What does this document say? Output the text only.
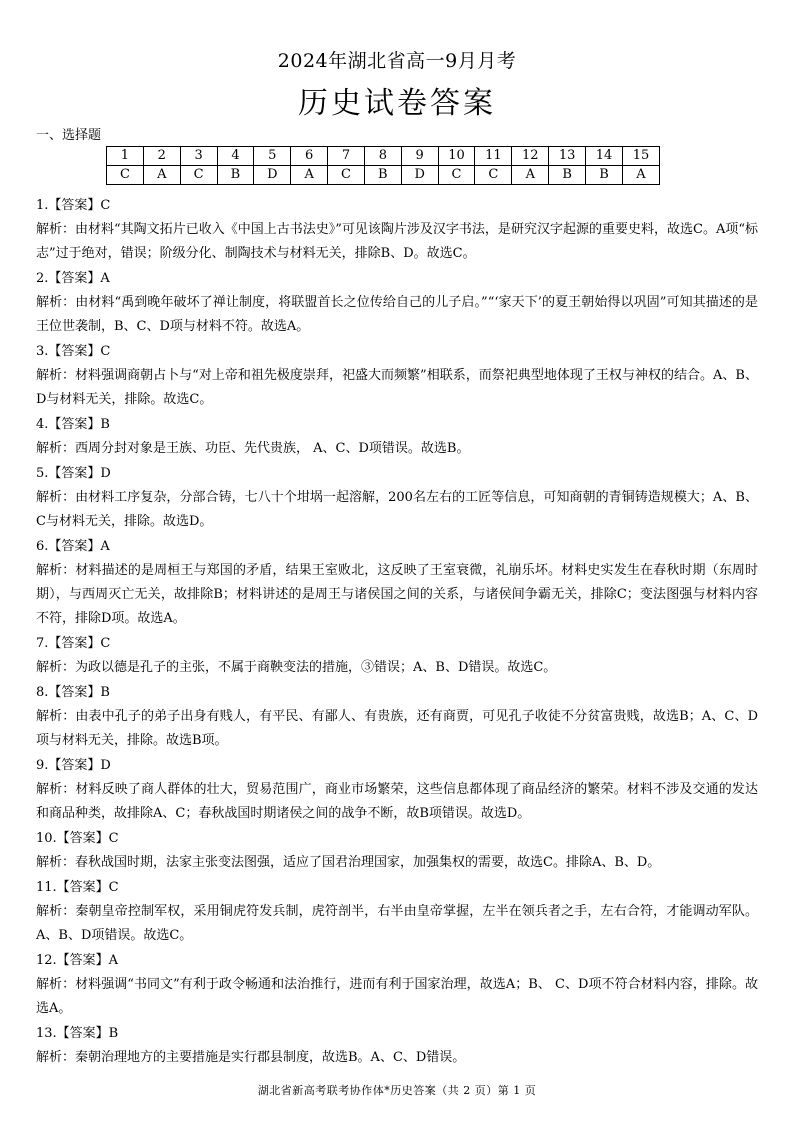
2024年湖北省高一9月月考
历史试卷答案
一、选择题
1	2	3	4	5	6	7	8	9	10	11	12	13	14	15
C	A	C	B	D	A	C	B	D	C	C	A	B	B	A

1.【答案】C

解析：由材料“其陶文拓片已收入《中国上古书法史》”可见该陶片涉及汉字书法，是研究汉字起源的重要史料，故选C。A项“标志”过于绝对，错误；阶级分化、制陶技术与材料无关，排除B、D。故选C。

2.【答案】A

解析：由材料“禹到晚年破坏了禅让制度，将联盟首长之位传给自己的儿子启。”“‘家天下’的夏王朝始得以巩固”可知其描述的是王位世袭制，B、C、D项与材料不符。故选A。

3.【答案】C

解析：材料强调商朝占卜与“对上帝和祖先极度崇拜，祀盛大而频繁”相联系，而祭祀典型地体现了王权与神权的结合。A、B、D与材料无关，排除。故选C。

4.【答案】B

解析：西周分封对象是王族、功臣、先代贵族， A、C、D项错误。故选B。

5.【答案】D

解析：由材料工序复杂，分部合铸，七八十个坩埚一起溶解，200名左右的工匠等信息，可知商朝的青铜铸造规模大；A、B、C与材料无关，排除。故选D。

6.【答案】A

解析：材料描述的是周桓王与郑国的矛盾，结果王室败北，这反映了王室衰微，礼崩乐坏。材料史实发生在春秋时期（东周时期），与西周灭亡无关，故排除B；材料讲述的是周王与诸侯国之间的关系，与诸侯间争霸无关，排除C；变法图强与材料内容不符，排除D项。故选A。

7.【答案】C

解析：为政以德是孔子的主张，不属于商鞅变法的措施，③错误；A、B、D错误。故选C。

8.【答案】B

解析：由表中孔子的弟子出身有贱人，有平民、有鄙人、有贵族，还有商贾，可见孔子收徒不分贫富贵贱，故选B；A、C、D项与材料无关，排除。故选B项。

9.【答案】D

解析：材料反映了商人群体的壮大，贸易范围广，商业市场繁荣，这些信息都体现了商品经济的繁荣。材料不涉及交通的发达和商品种类，故排除A、C；春秋战国时期诸侯之间的战争不断，故B项错误。故选D。

10.【答案】C

解析：春秋战国时期，法家主张变法图强，适应了国君治理国家，加强集权的需要，故选C。排除A、B、D。

11.【答案】C

解析：秦朝皇帝控制军权，采用铜虎符发兵制，虎符剖半，右半由皇帝掌握，左半在领兵者之手，左右合符，才能调动军队。A、B、D项错误。故选C。

12.【答案】A

解析：材料强调“书同文”有利于政令畅通和法治推行，进而有利于国家治理，故选A；B、 C、D项不符合材料内容，排除。故选A。

13.【答案】B

解析：秦朝治理地方的主要措施是实行郡县制度，故选B。A、C、D错误。

湖北省新高考联考协作体*历史答案（共 2 页）第 1 页
